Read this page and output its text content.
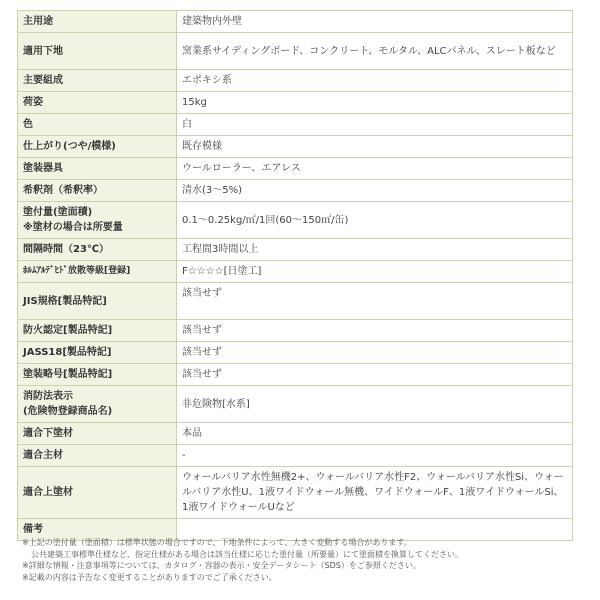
主用途	建築物内外壁
適用下地	窯業系サイディングボード、コンクリート、モルタル、ALCパネル、スレート板など
主要組成	エポキシ系
荷姿	15kg
色	白
仕上がり(つや/模様)	既存模様
塗装器具	ウールローラー、エアレス
希釈剤（希釈率）	清水(3～5%)
塗付量(塗面積)
※塗材の場合は所要量	0.1～0.25kg/㎡/1回(60～150㎡/缶)
間隔時間（23℃）	工程間3時間以上
ﾎﾙﾑｱﾙﾃﾞﾋﾄﾞ放散等級[登録]	F☆☆☆☆[日塗工]
JIS規格[製品特記]	該当せず
防火認定[製品特記]	該当せず
JASS18[製品特記]	該当せず
塗装略号[製品特記]	該当せず
消防法表示
(危険物登録商品名)	非危険物[水系]
適合下塗材	本品
適合主材	-
適合上塗材	ウォールバリア水性無機2+、ウォールバリア水性F2、ウォールバリア水性Si、ウォールバリア水性U、1液ワイドウォール無機、ワイドウォールF、1液ワイドウォールSi、1液ワイドウォールUなど
備考	
※上記の塗付量（塗面積）は標準状態の場合ですので、下地条件によって、大きく変動する場合があります。
公共建築工事標準仕様など、指定仕様がある場合は該当仕様に応じた塗付量（所要量）にて塗面積を換算してください。
※詳細な情報・注意事項等については、カタログ・容器の表示・安全データシート（SDS）をご参照ください。
※記載の内容は予告なく変更することがありますのでご了承ください。
